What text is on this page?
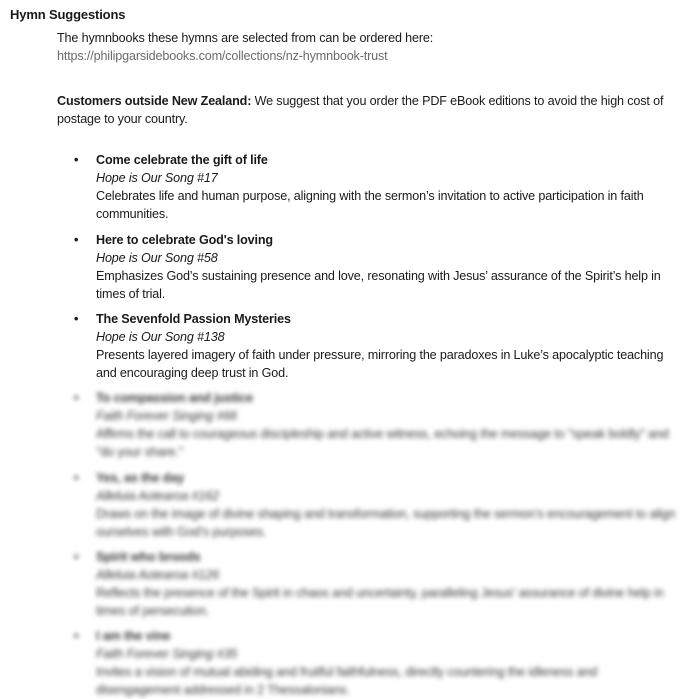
Hymn Suggestions
The hymnbooks these hymns are selected from can be ordered here:
https://philipgarsidebooks.com/collections/nz-hymnbook-trust
Customers outside New Zealand: We suggest that you order the PDF eBook editions to avoid the high cost of postage to your country.
• Come celebrate the gift of life
Hope is Our Song #17
Celebrates life and human purpose, aligning with the sermon’s invitation to active participation in faith communities.
• Here to celebrate God's loving
Hope is Our Song #58
Emphasizes God’s sustaining presence and love, resonating with Jesus’ assurance of the Spirit’s help in times of trial.
• The Sevenfold Passion Mysteries
Hope is Our Song #138
Presents layered imagery of faith under pressure, mirroring the paradoxes in Luke’s apocalyptic teaching and encouraging deep trust in God.
• To compassion and justice
Faith Forever Singing #66
Affirms the call to courageous discipleship and active witness, echoing the message to "speak boldly" and "do your share."
• Yes, as the day
Alleluia Aotearoa #162
Draws on the image of divine shaping and transformation, supporting the sermon’s encouragement to align ourselves with God’s purposes.
• Spirit who broods
Alleluia Aotearoa #126
Reflects the presence of the Spirit in chaos and uncertainty, paralleling Jesus’ assurance of divine help in times of persecution.
• I am the vine
Faith Forever Singing #35
Invites a vision of mutual abiding and fruitful faithfulness, directly countering the idleness and disengagement addressed in 2 Thessalonians.
